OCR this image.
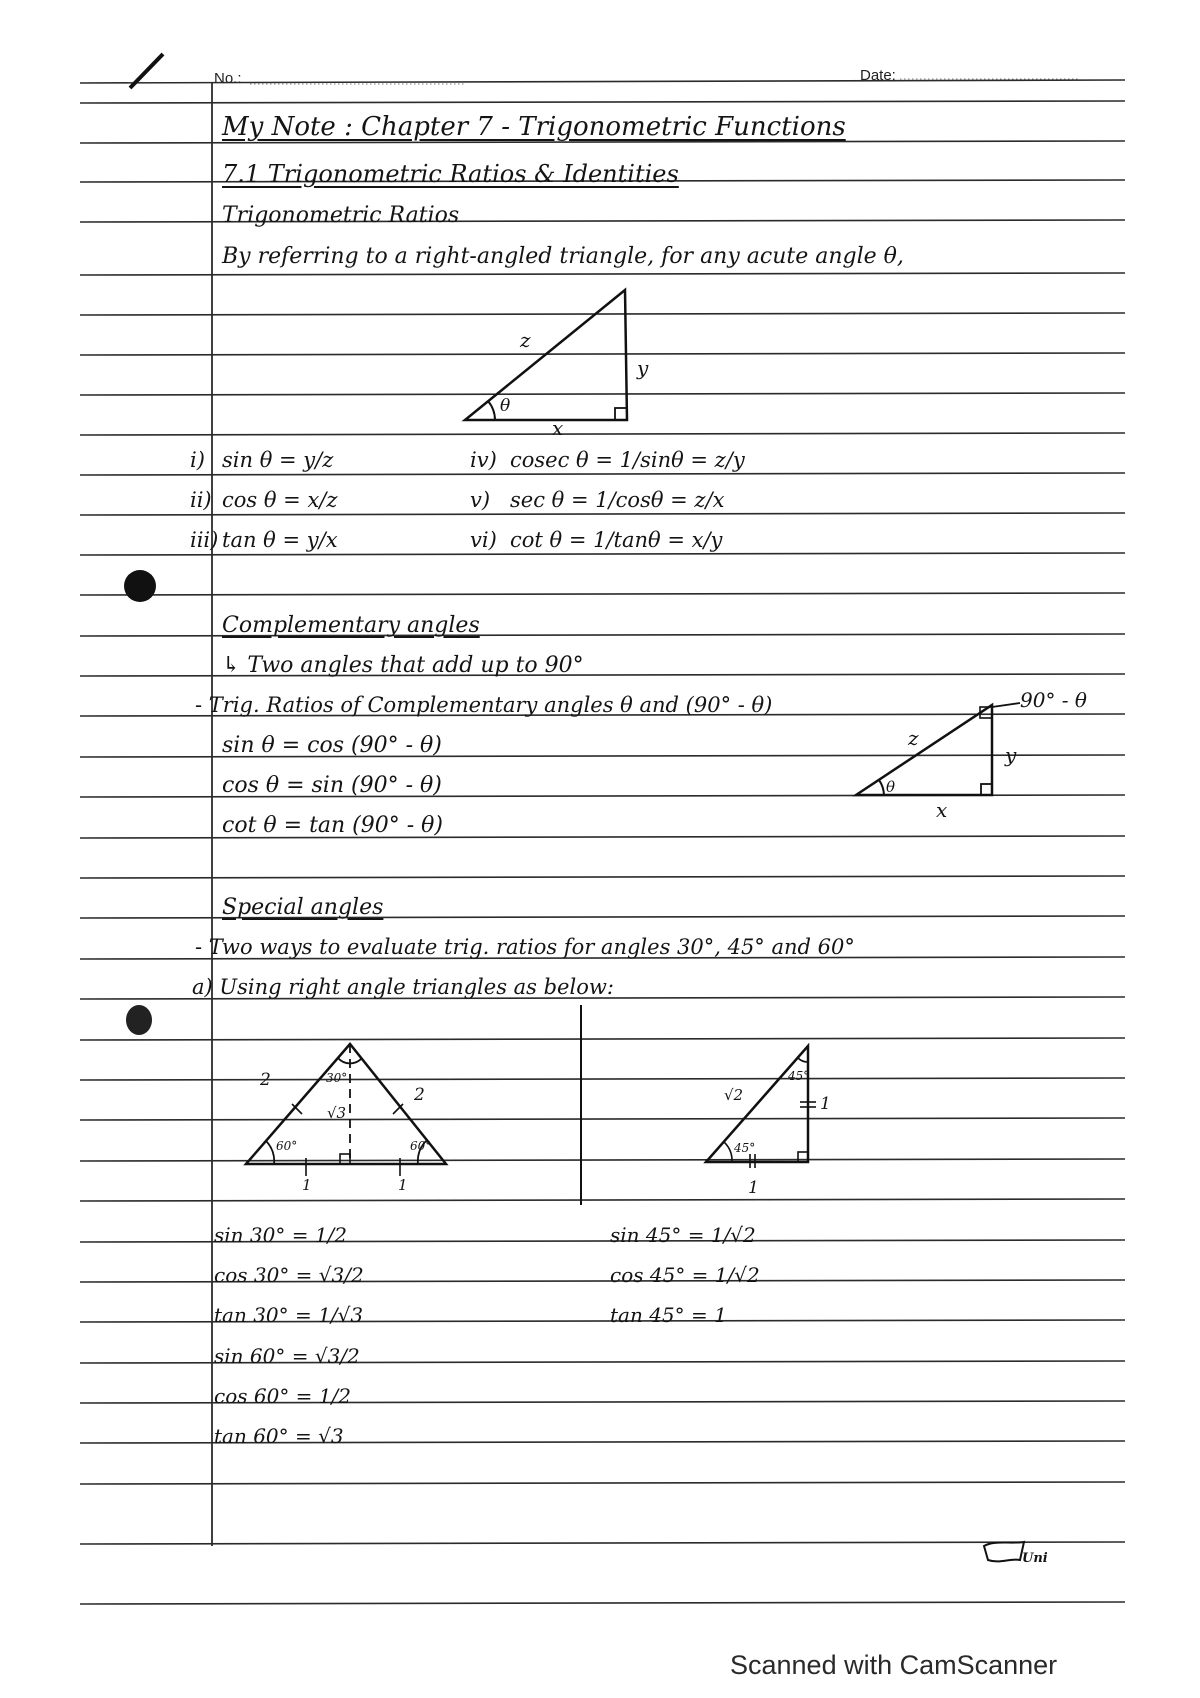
No.:	Date:
My Note : Chapter 7 - Trigonometric Functions
7.1 Trigonometric Ratios & Identities
Trigonometric Ratios
By referring to a right-angled triangle, for any acute angle θ,
z
y
x
θ
i) sin θ = y/z
ii) cos θ = x/z
iii) tan θ = y/x
iv) cosec θ = 1/sinθ = z/y
v) sec θ = 1/cosθ = z/x
vi) cot θ = 1/tanθ = x/y
Complementary angles
↳ Two angles that add up to 90°
- Trig. Ratios of Complementary angles θ and (90° - θ)
sin θ = cos (90° - θ)
cos θ = sin (90° - θ)
cot θ = tan (90° - θ)
90° - θ
z
y
x
θ
Special angles
- Two ways to evaluate trig. ratios for angles 30°, 45° and 60°
a) Using right angle triangles as below:
2
2
√3
30°
60°	60°
1	1
√2	1
1
45°
45°
sin 30° = 1/2
cos 30° = √3/2
tan 30° = 1/√3
sin 60° = √3/2
cos 60° = 1/2
tan 60° = √3
sin 45° = 1/√2
cos 45° = 1/√2
tan 45° = 1
Uni
Scanned with CamScanner
